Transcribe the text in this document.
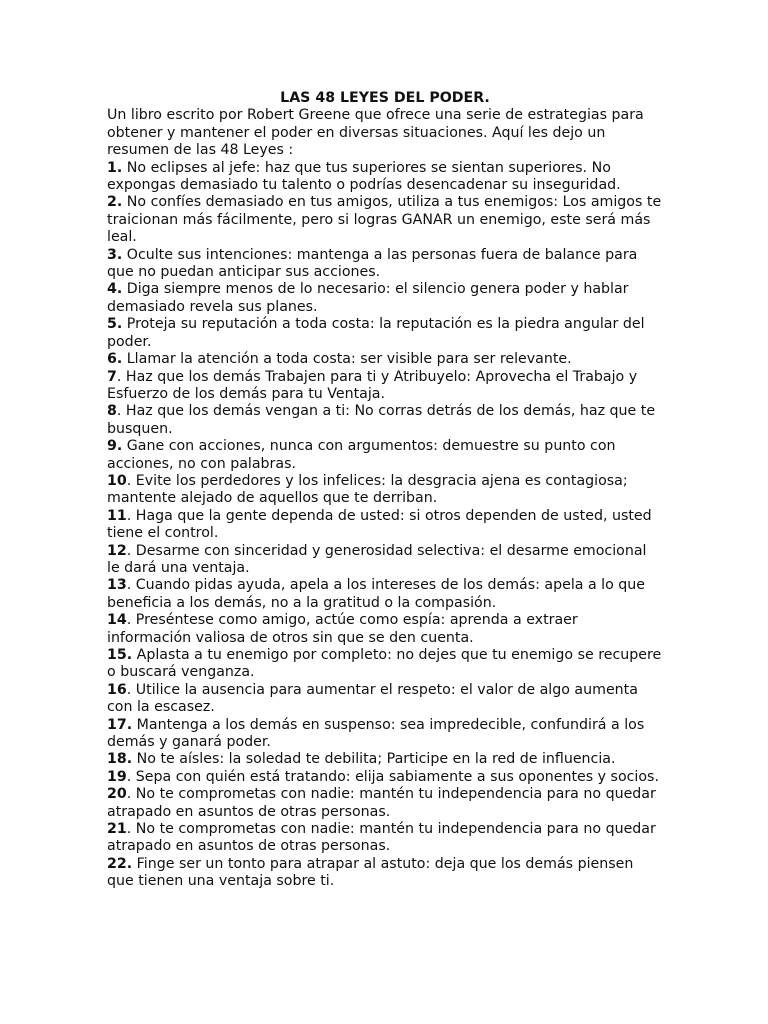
LAS 48 LEYES DEL PODER.

Un libro escrito por Robert Greene que ofrece una serie de estrategias para obtener y mantener el poder en diversas situaciones. Aquí les dejo un resumen de las 48 Leyes :

1. No eclipses al jefe: haz que tus superiores se sientan superiores. No expongas demasiado tu talento o podrías desencadenar su inseguridad.

2. No confíes demasiado en tus amigos, utiliza a tus enemigos: Los amigos te traicionan más fácilmente, pero si logras GANAR un enemigo, este será más leal.

3. Oculte sus intenciones: mantenga a las personas fuera de balance para que no puedan anticipar sus acciones.

4. Diga siempre menos de lo necesario: el silencio genera poder y hablar demasiado revela sus planes.

5. Proteja su reputación a toda costa: la reputación es la piedra angular del poder.

6. Llamar la atención a toda costa: ser visible para ser relevante.

7. Haz que los demás Trabajen para ti y Atribuyelo: Aprovecha el Trabajo y Esfuerzo de los demás para tu Ventaja.

8. Haz que los demás vengan a ti: No corras detrás de los demás, haz que te busquen.

9. Gane con acciones, nunca con argumentos: demuestre su punto con acciones, no con palabras.

10. Evite los perdedores y los infelices: la desgracia ajena es contagiosa; mantente alejado de aquellos que te derriban.

11. Haga que la gente dependa de usted: si otros dependen de usted, usted tiene el control.

12. Desarme con sinceridad y generosidad selectiva: el desarme emocional le dará una ventaja.

13. Cuando pidas ayuda, apela a los intereses de los demás: apela a lo que beneficia a los demás, no a la gratitud o la compasión.

14. Preséntese como amigo, actúe como espía: aprenda a extraer información valiosa de otros sin que se den cuenta.

15. Aplasta a tu enemigo por completo: no dejes que tu enemigo se recupere o buscará venganza.

16. Utilice la ausencia para aumentar el respeto: el valor de algo aumenta con la escasez.

17. Mantenga a los demás en suspenso: sea impredecible, confundirá a los demás y ganará poder.

18. No te aísles: la soledad te debilita; Participe en la red de influencia.

19. Sepa con quién está tratando: elija sabiamente a sus oponentes y socios.

20. No te comprometas con nadie: mantén tu independencia para no quedar atrapado en asuntos de otras personas.

21. No te comprometas con nadie: mantén tu independencia para no quedar atrapado en asuntos de otras personas.

22. Finge ser un tonto para atrapar al astuto: deja que los demás piensen que tienen una ventaja sobre ti.
